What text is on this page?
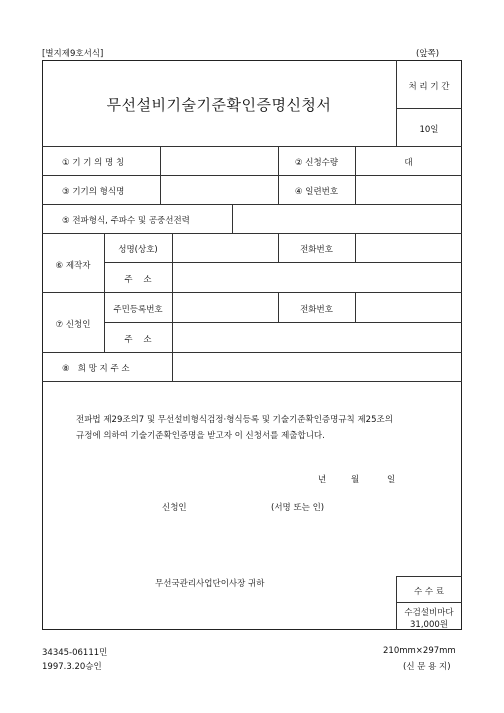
[별지제9호서식]	(앞쪽)
무선설비기술기준확인증명신청서
처 리 기 간
10일
① 기 기 의 명 칭	② 신청수량	대
③ 기기의 형식명	④ 일련번호
⑤ 전파형식, 주파수 및 공중선전력
⑥ 제작자
성명(상호)	전화번호
주    소
⑦ 신청인
주민등록번호	전화번호
주    소
⑧   희 망 지 주 소
전파법 제29조의7 및 무선설비형식검정·형식등록 및 기술기준확인증명규칙 제25조의
규정에 의하여 기술기준확인증명을 받고자 이 신청서를 제출합니다.
년	월	일
신청인	(서명 또는 인)
무선국관리사업단이사장 귀하
수 수 료
수검설비마다
31,000원
34345-06111민
1997.3.20승인
210mm×297mm
(신 문 용 지)
